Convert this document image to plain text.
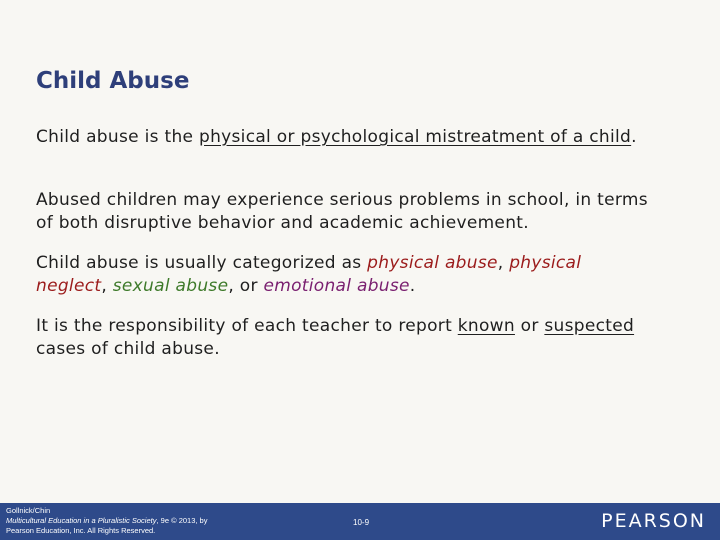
Child Abuse

Child abuse is the physical or psychological mistreatment of a child.

Abused children may experience serious problems in school, in terms of both disruptive behavior and academic achievement.

Child abuse is usually categorized as physical abuse, physical neglect, sexual abuse, or emotional abuse.

It is the responsibility of each teacher to report known or suspected cases of child abuse.

Gollnick/Chin
Multicultural Education in a Pluralistic Society, 9e © 2013, by
Pearson Education, Inc. All Rights Reserved.
10-9	PEARSON
